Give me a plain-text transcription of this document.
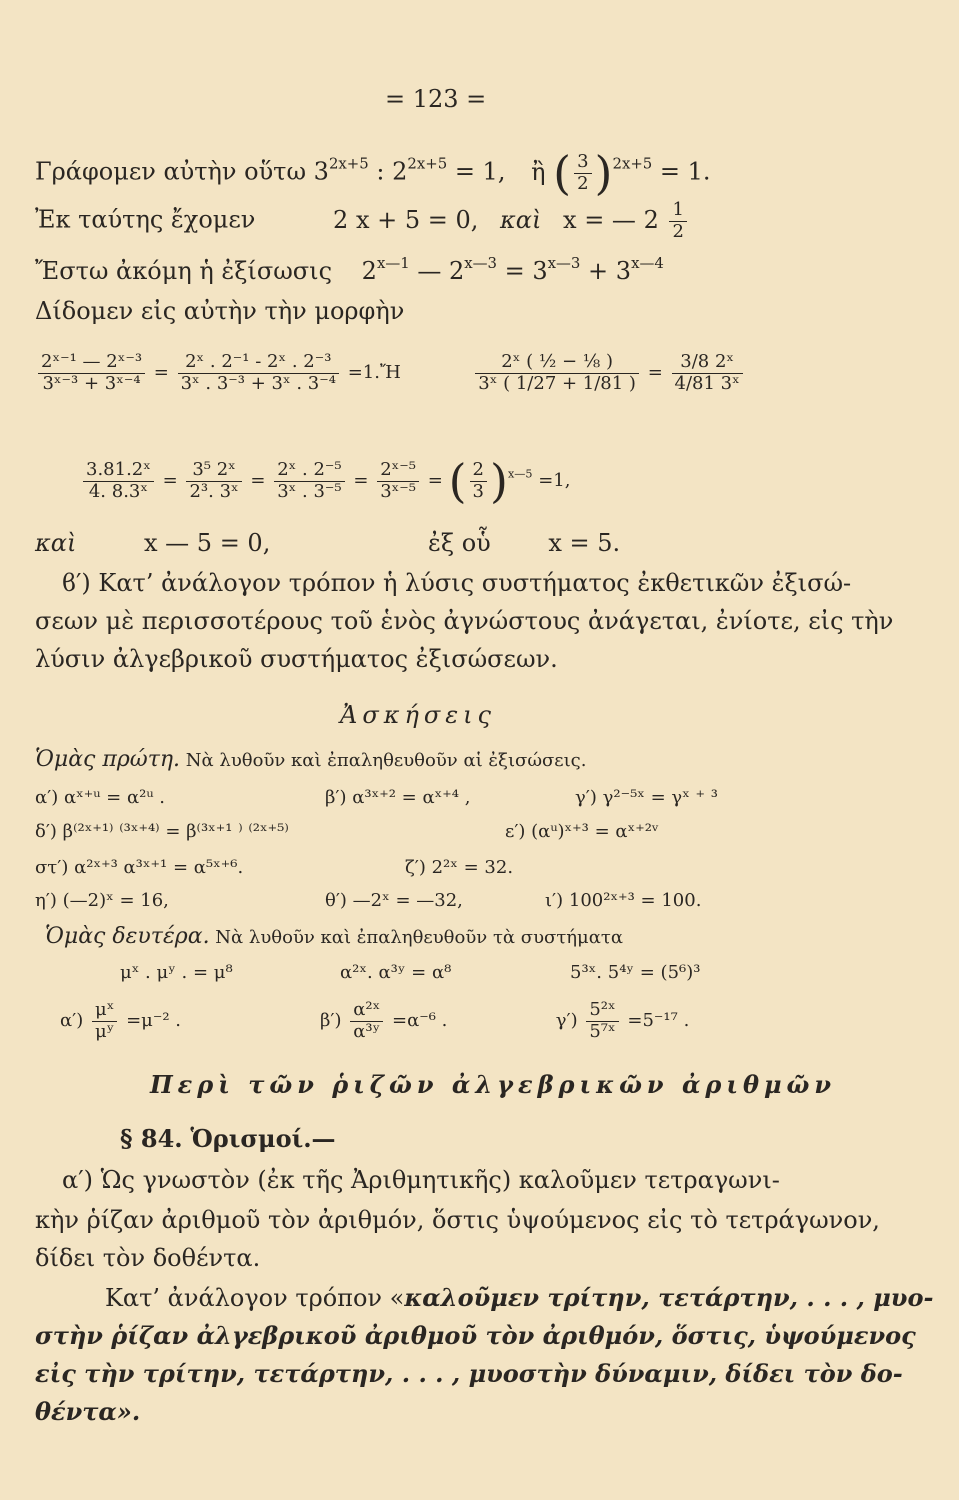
= 123 =
Γράφομεν αὐτὴν οὕτω $3^{2x+5}$ : $2^{2x+5} = 1$, ἢ ( $\frac{3}{2} )^{2x+5} = 1$.
Ἐκ ταύτης ἔχομεν	2 x + 5 = 0, καὶ x = — $2 \frac{1}{2}$
Ἔστω ἀκόμη ἡ ἐξίσωσις $2^{x—1}$ — $2^{x—3} = 3^{x—3} + 3^{x—4}$
Δίδομεν εἰς αὐτὴν τὴν μορφὴν
$\frac{\text{2ˣ⁻¹ — 2ˣ⁻³}}{\text{3ˣ⁻³ + 3ˣ⁻⁴}} = \frac{\text{2ˣ . 2⁻¹ - 2ˣ . 2⁻³}}{\text{3ˣ . 3⁻³ + 3ˣ . 3⁻⁴}}$ =1.Ἤ	$\frac{\text{2ˣ ( ½ − ⅛ )}}{\text{3ˣ ( 1/27 + 1/81 )}} = \frac{\text{3/8 2ˣ}}{\text{4/81 3ˣ}}$
$\frac{\text{3.81.2ˣ}}{\text{4. 8.3ˣ}} = \frac{\text{3⁵ 2ˣ}}{\text{2³. 3ˣ}} = \frac{\text{2ˣ . 2⁻⁵}}{\text{3ˣ . 3⁻⁵}} = \frac{\text{2ˣ⁻⁵}}{\text{3ˣ⁻⁵}}$ = ( $\frac{2}{3} )^{x—5} =1$,
καὶ	x — 5 = 0,	ἐξ οὗ x = 5.
ϐ′) Κατ’ ἀνάλογον τρόπον ἡ λύσις συστήματος ἐκθετικῶν ἐξισώ-
σεων μὲ περισσοτέρους τοῦ ἑνὸς ἀγνώστους ἀνάγεται, ἐνίοτε, εἰς τὴν
λύσιν ἀλγεβρικοῦ συστήματος ἐξισώσεων.
Ἀσκήσεις
Ὁμὰς πρώτη. Νὰ λυθοῦν καὶ ἐπαληθευθοῦν αἱ ἐξισώσεις.
α′) αˣ⁺ᵘ = α²ᵘ .	β′) α³ˣ⁺² = αˣ⁺⁴ ,	γ′) γ²⁻⁵ˣ = γˣ ⁺ ³
δ′) β⁽²ˣ⁺¹⁾ ⁽³ˣ⁺⁴⁾ = β⁽³ˣ⁺¹ ⁾ ⁽²ˣ⁺⁵⁾	ε′) (αᵘ)ˣ⁺³ = αˣ⁺²ᵛ
στ′) α²ˣ⁺³ α³ˣ⁺¹ = α⁵ˣ⁺⁶.	ζ′) 2²ˣ = 32.
η′) (—2)ˣ = 16,	θ′) —2ˣ = —32,	ι′) 100²ˣ⁺³ = 100.
Ὁμὰς δευτέρα. Νὰ λυθοῦν καὶ ἐπαληθευθοῦν τὰ συστήματα
μˣ . μʸ . = μ⁸	α²ˣ. α³ʸ = α⁸	5³ˣ. 5⁴ʸ = (5⁶)³
$\alpha') \frac{\text{μˣ}}{\text{μʸ}} =\mu^{-2}$ .	$\beta') \frac{\text{α²ˣ}}{\text{α³ʸ}} =\alpha^{-6}$ .	$\gamma') \frac{\text{5²ˣ}}{\text{5⁷ˣ}} =5^{-17}$ .
Περὶ τῶν ῥιζῶν ἀλγεβρικῶν ἀριθμῶν
§ 84. Ὁρισμοί.—
α′) Ὡς γνωστὸν (ἐκ τῆς Ἀριθμητικῆς) καλοῦμεν τετραγωνι-
κὴν ῥίζαν ἀριθμοῦ τὸν ἀριθμόν, ὅστις ὑψούμενος εἰς τὸ τετράγωνον,
δίδει τὸν δοθέντα.
Κατ’ ἀνάλογον τρόπον «καλοῦμεν τρίτην, τετάρτην, . . . , μυο-
στὴν ῥίζαν ἀλγεβρικοῦ ἀριθμοῦ τὸν ἀριθμόν, ὅστις, ὑψούμενος
εἰς τὴν τρίτην, τετάρτην, . . . , μυοστὴν δύναμιν, δίδει τὸν δο-
θέντα».
